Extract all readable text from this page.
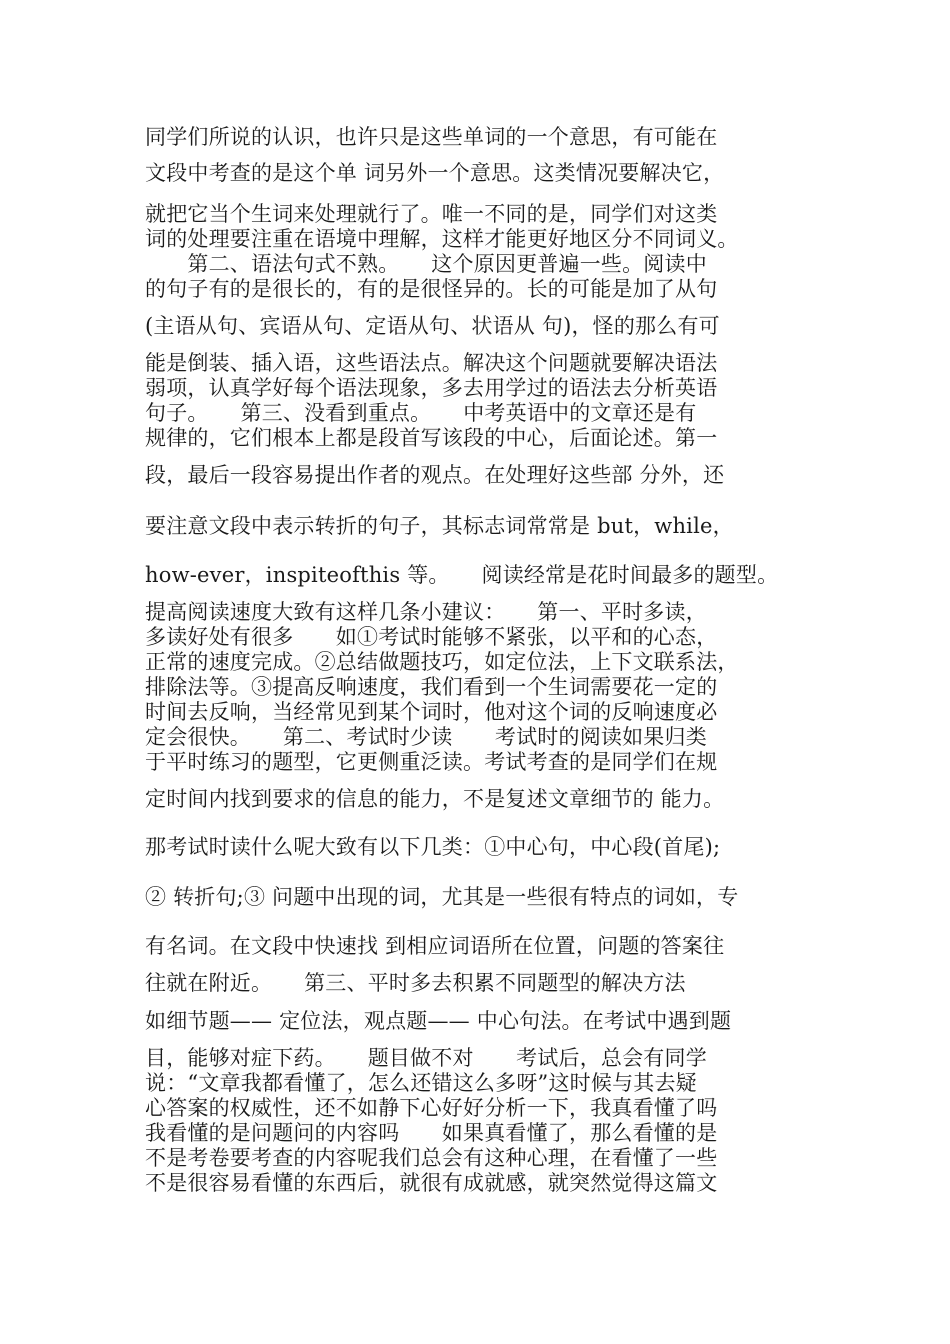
同学们所说的认识，也许只是这些单词的一个意思，有可能在
文段中考查的是这个单 词另外一个意思。这类情况要解决它，
就把它当个生词来处理就行了。唯一不同的是，同学们对这类
词的处理要注重在语境中理解，这样才能更好地区分不同词义。
　　第二、语法句式不熟。　　这个原因更普遍一些。阅读中
的句子有的是很长的，有的是很怪异的。长的可能是加了从句
(主语从句、宾语从句、定语从句、状语从 句)，怪的那么有可
能是倒装、插入语，这些语法点。解决这个问题就要解决语法
弱项，认真学好每个语法现象，多去用学过的语法去分析英语
句子。　　第三、没看到重点。　　中考英语中的文章还是有
规律的，它们根本上都是段首写该段的中心，后面论述。第一
段，最后一段容易提出作者的观点。在处理好这些部 分外，还
要注意文段中表示转折的句子，其标志词常常是 but，while，
how-ever，inspiteofthis 等。　　阅读经常是花时间最多的题型。
提高阅读速度大致有这样几条小建议：　　第一、平时多读，
多读好处有很多　　如①考试时能够不紧张，以平和的心态，
正常的速度完成。②总结做题技巧，如定位法，上下文联系法，
排除法等。③提高反响速度，我们看到一个生词需要花一定的
时间去反响，当经常见到某个词时，他对这个词的反响速度必
定会很快。　　第二、考试时少读　　考试时的阅读如果归类
于平时练习的题型，它更侧重泛读。考试考查的是同学们在规
定时间内找到要求的信息的能力，不是复述文章细节的 能力。
那考试时读什么呢大致有以下几类：①中心句，中心段(首尾);
② 转折句;③ 问题中出现的词，尤其是一些很有特点的词如，专
有名词。在文段中快速找 到相应词语所在位置，问题的答案往
往就在附近。　　第三、平时多去积累不同题型的解决方法
如细节题—— 定位法，观点题—— 中心句法。在考试中遇到题
目，能够对症下药。　　题目做不对　　考试后，总会有同学
说：“文章我都看懂了，怎么还错这么多呀”这时候与其去疑
心答案的权威性，还不如静下心好好分析一下，我真看懂了吗
我看懂的是问题问的内容吗　　如果真看懂了，那么看懂的是
不是考卷要考查的内容呢我们总会有这种心理，在看懂了一些
不是很容易看懂的东西后，就很有成就感，就突然觉得这篇文
